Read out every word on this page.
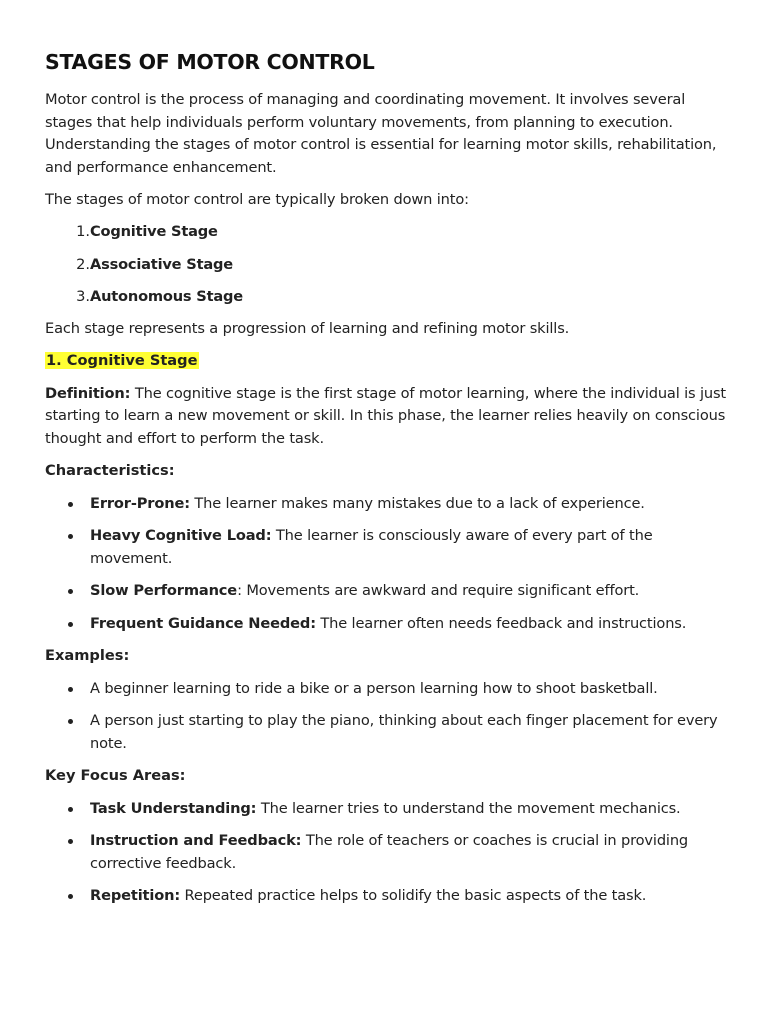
STAGES OF MOTOR CONTROL

Motor control is the process of managing and coordinating movement. It involves several stages that help individuals perform voluntary movements, from planning to execution. Understanding the stages of motor control is essential for learning motor skills, rehabilitation, and performance enhancement.

The stages of motor control are typically broken down into:

1. Cognitive Stage
2. Associative Stage
3. Autonomous Stage

Each stage represents a progression of learning and refining motor skills.

1. Cognitive Stage

Definition: The cognitive stage is the first stage of motor learning, where the individual is just starting to learn a new movement or skill. In this phase, the learner relies heavily on conscious thought and effort to perform the task.

Characteristics:
Error-Prone: The learner makes many mistakes due to a lack of experience.
Heavy Cognitive Load: The learner is consciously aware of every part of the movement.
Slow Performance: Movements are awkward and require significant effort.
Frequent Guidance Needed: The learner often needs feedback and instructions.
Examples:
A beginner learning to ride a bike or a person learning how to shoot basketball.
A person just starting to play the piano, thinking about each finger placement for every note.
Key Focus Areas:
Task Understanding: The learner tries to understand the movement mechanics.
Instruction and Feedback: The role of teachers or coaches is crucial in providing corrective feedback.
Repetition: Repeated practice helps to solidify the basic aspects of the task.
